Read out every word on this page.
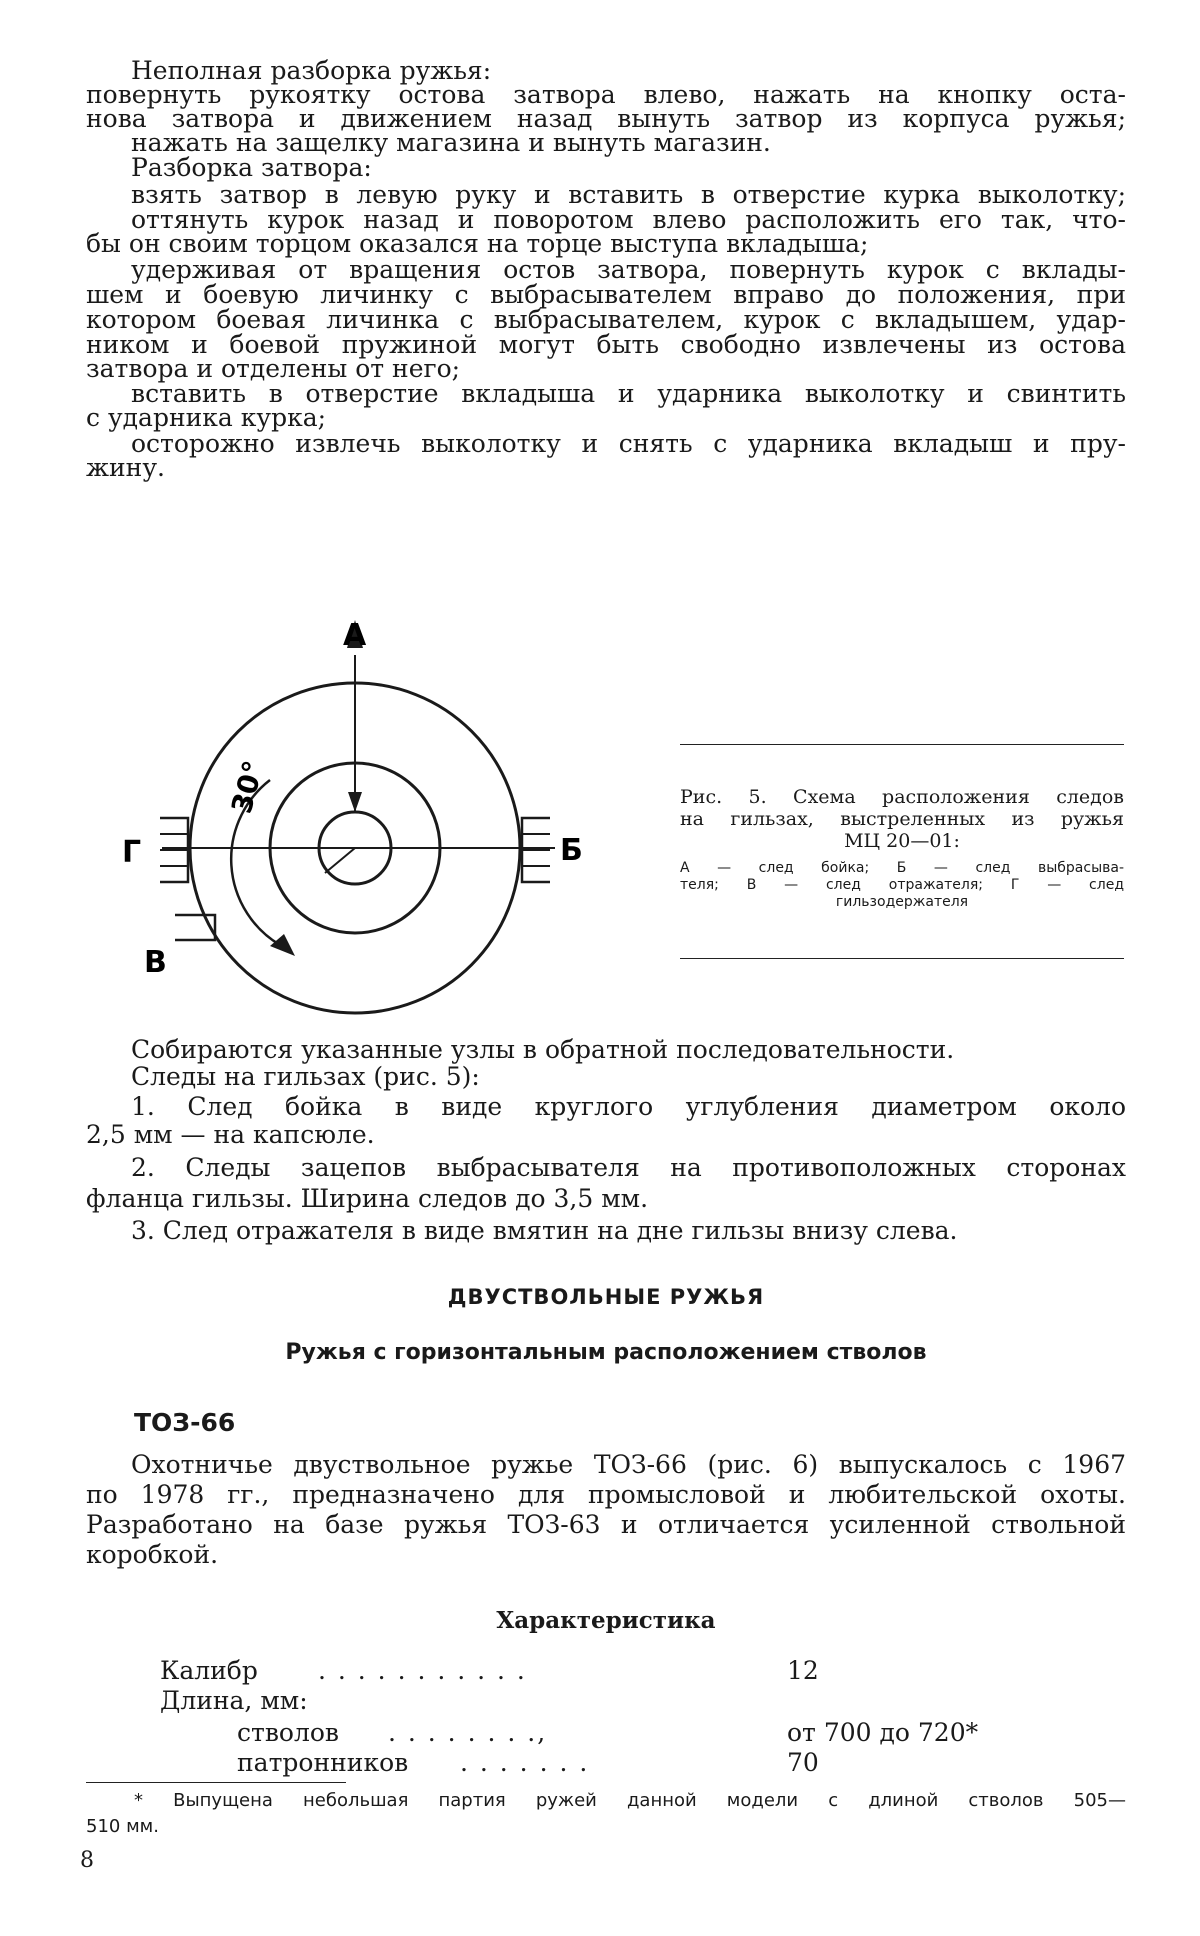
Неполная разборка ружья:
повернуть рукоятку остова затвора влево, нажать на кнопку оста-
нова затвора и движением назад вынуть затвор из корпуса ружья;
нажать на защелку магазина и вынуть магазин.
Разборка затвора:
взять затвор в левую руку и вставить в отверстие курка выколотку;
оттянуть курок назад и поворотом влево расположить его так, что-
бы он своим торцом оказался на торце выступа вкладыша;
удерживая от вращения остов затвора, повернуть курок с вклады-
шем и боевую личинку с выбрасывателем вправо до положения, при
котором боевая личинка с выбрасывателем, курок с вкладышем, удар-
ником и боевой пружиной могут быть свободно извлечены из остова
затвора и отделены от него;
вставить в отверстие вкладыша и ударника выколотку и свинтить
с ударника курка;
осторожно извлечь выколотку и снять с ударника вкладыш и пру-
жину.
А
Б
Г
В
30°	Рис. 5. Схема расположения следов
на гильзах, выстреленных из ружья
МЦ 20—01:
А — след бойка; Б — след выбрасыва-
теля; В — след отражателя; Г — след
гильзодержателя
Собираются указанные узлы в обратной последовательности.
Следы на гильзах (рис. 5):
1. След бойка в виде круглого углубления диаметром около
2,5 мм — на капсюле.
2. Следы зацепов выбрасывателя на противоположных сторонах
фланца гильзы. Ширина следов до 3,5 мм.
3. След отражателя в виде вмятин на дне гильзы внизу слева.
ДВУСТВОЛЬНЫЕ РУЖЬЯ
Ружья с горизонтальным расположением стволов
ТОЗ-66
Охотничье двуствольное ружье ТОЗ-66 (рис. 6) выпускалось с 1967
по 1978 гг., предназначено для промысловой и любительской охоты.
Разработано на базе ружья ТОЗ-63 и отличается усиленной ствольной
коробкой.
Характеристика
Калибр . . . . . . . . . . .	12
Длина, мм:
стволов . . . . . . . .,	от 700 до 720*
патронников . . . . . . .	70
* Выпущена небольшая партия ружей данной модели с длиной стволов 505—
510 мм.
8
